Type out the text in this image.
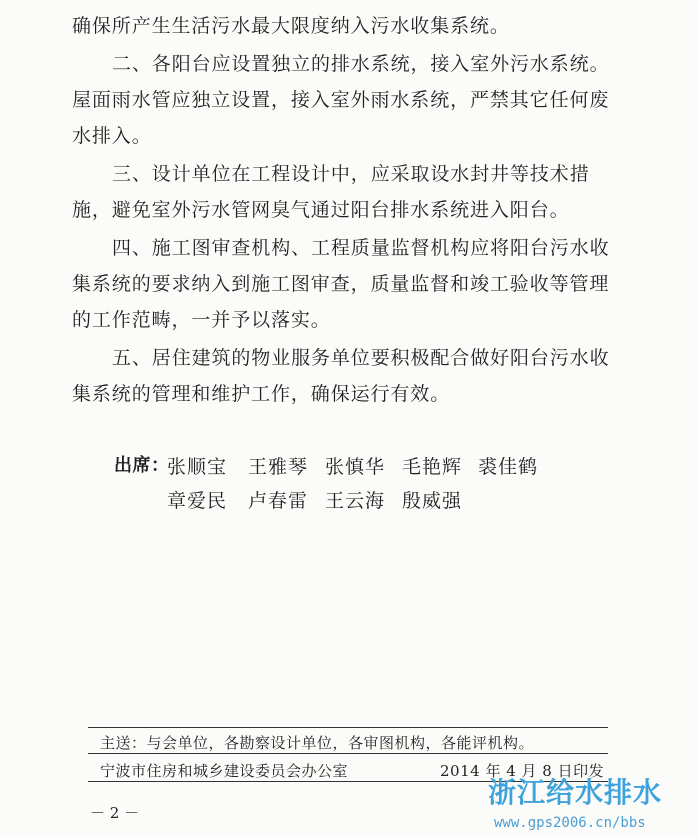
确保所产生生活污水最大限度纳入污水收集系统。

二、各阳台应设置独立的排水系统，接入室外污水系统。屋面雨水管应独立设置，接入室外雨水系统，严禁其它任何废水排入。

三、设计单位在工程设计中，应采取设水封井等技术措施，避免室外污水管网臭气通过阳台排水系统进入阳台。

四、施工图审查机构、工程质量监督机构应将阳台污水收集系统的要求纳入到施工图审查，质量监督和竣工验收等管理的工作范畴，一并予以落实。

五、居住建筑的物业服务单位要积极配合做好阳台污水收集系统的管理和维护工作，确保运行有效。

出席：
张顺宝 王雅琴 张慎华 毛艳辉 裘佳鹤
章爱民 卢春雷 王云海 殷威强
主送：与会单位，各勘察设计单位，各审图机构，各能评机构。
宁波市住房和城乡建设委员会办公室	2014 年 4 月 8 日印发
－ 2 －
浙江给水排水
www.gps2006.cn/bbs
